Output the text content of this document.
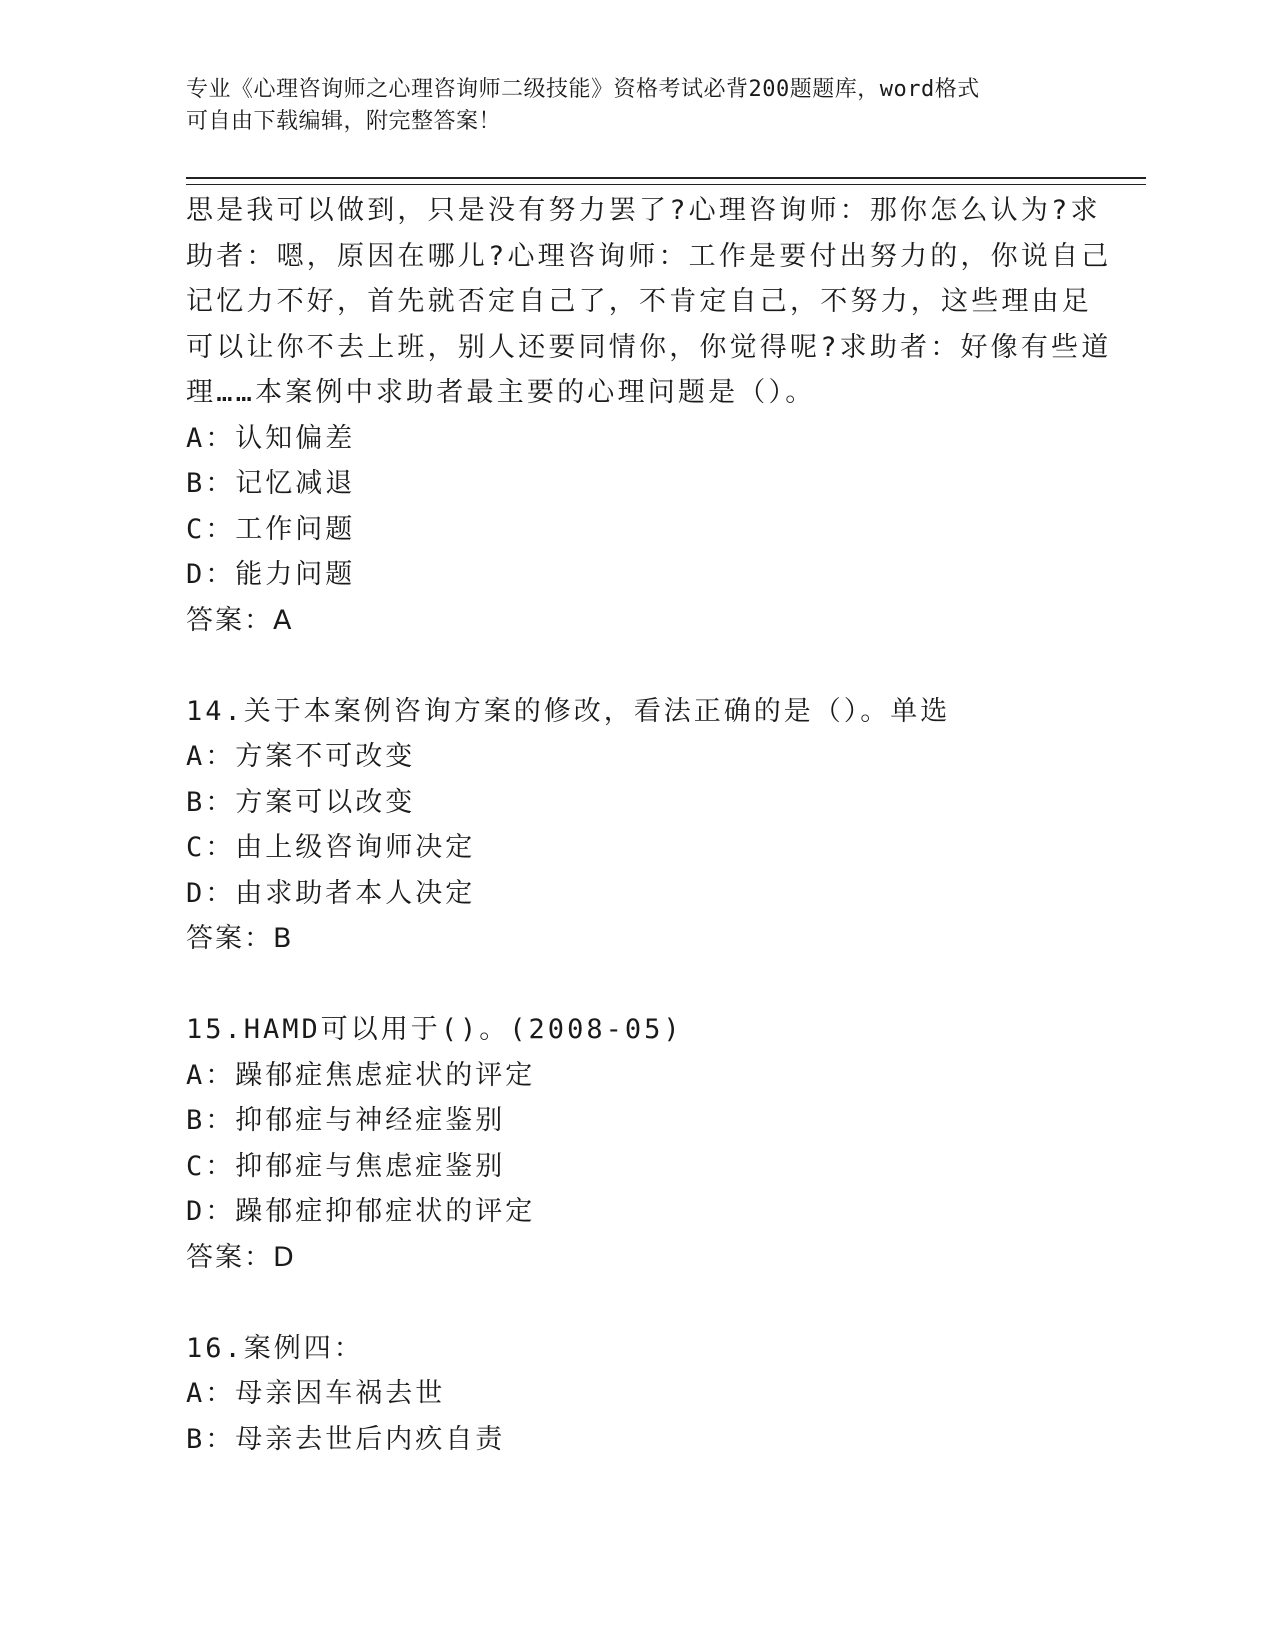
专业《心理咨询师之心理咨询师二级技能》资格考试必背200题题库，word格式
可自由下载编辑，附完整答案！
思是我可以做到，只是没有努力罢了?心理咨询师：那你怎么认为?求
助者：嗯，原因在哪儿?心理咨询师：工作是要付出努力的，你说自己
记忆力不好，首先就否定自己了，不肯定自己，不努力，这些理由足
可以让你不去上班，别人还要同情你，你觉得呢?求助者：好像有些道
理……本案例中求助者最主要的心理问题是（）。
A：认知偏差
B：记忆减退
C：工作问题
D：能力问题
答案：A
14.关于本案例咨询方案的修改，看法正确的是（）。单选
A：方案不可改变
B：方案可以改变
C：由上级咨询师决定
D：由求助者本人决定
答案：B
15.HAMD可以用于()。(2008-05)
A：躁郁症焦虑症状的评定
B：抑郁症与神经症鉴别
C：抑郁症与焦虑症鉴别
D：躁郁症抑郁症状的评定
答案：D
16.案例四：
A：母亲因车祸去世
B：母亲去世后内疚自责
